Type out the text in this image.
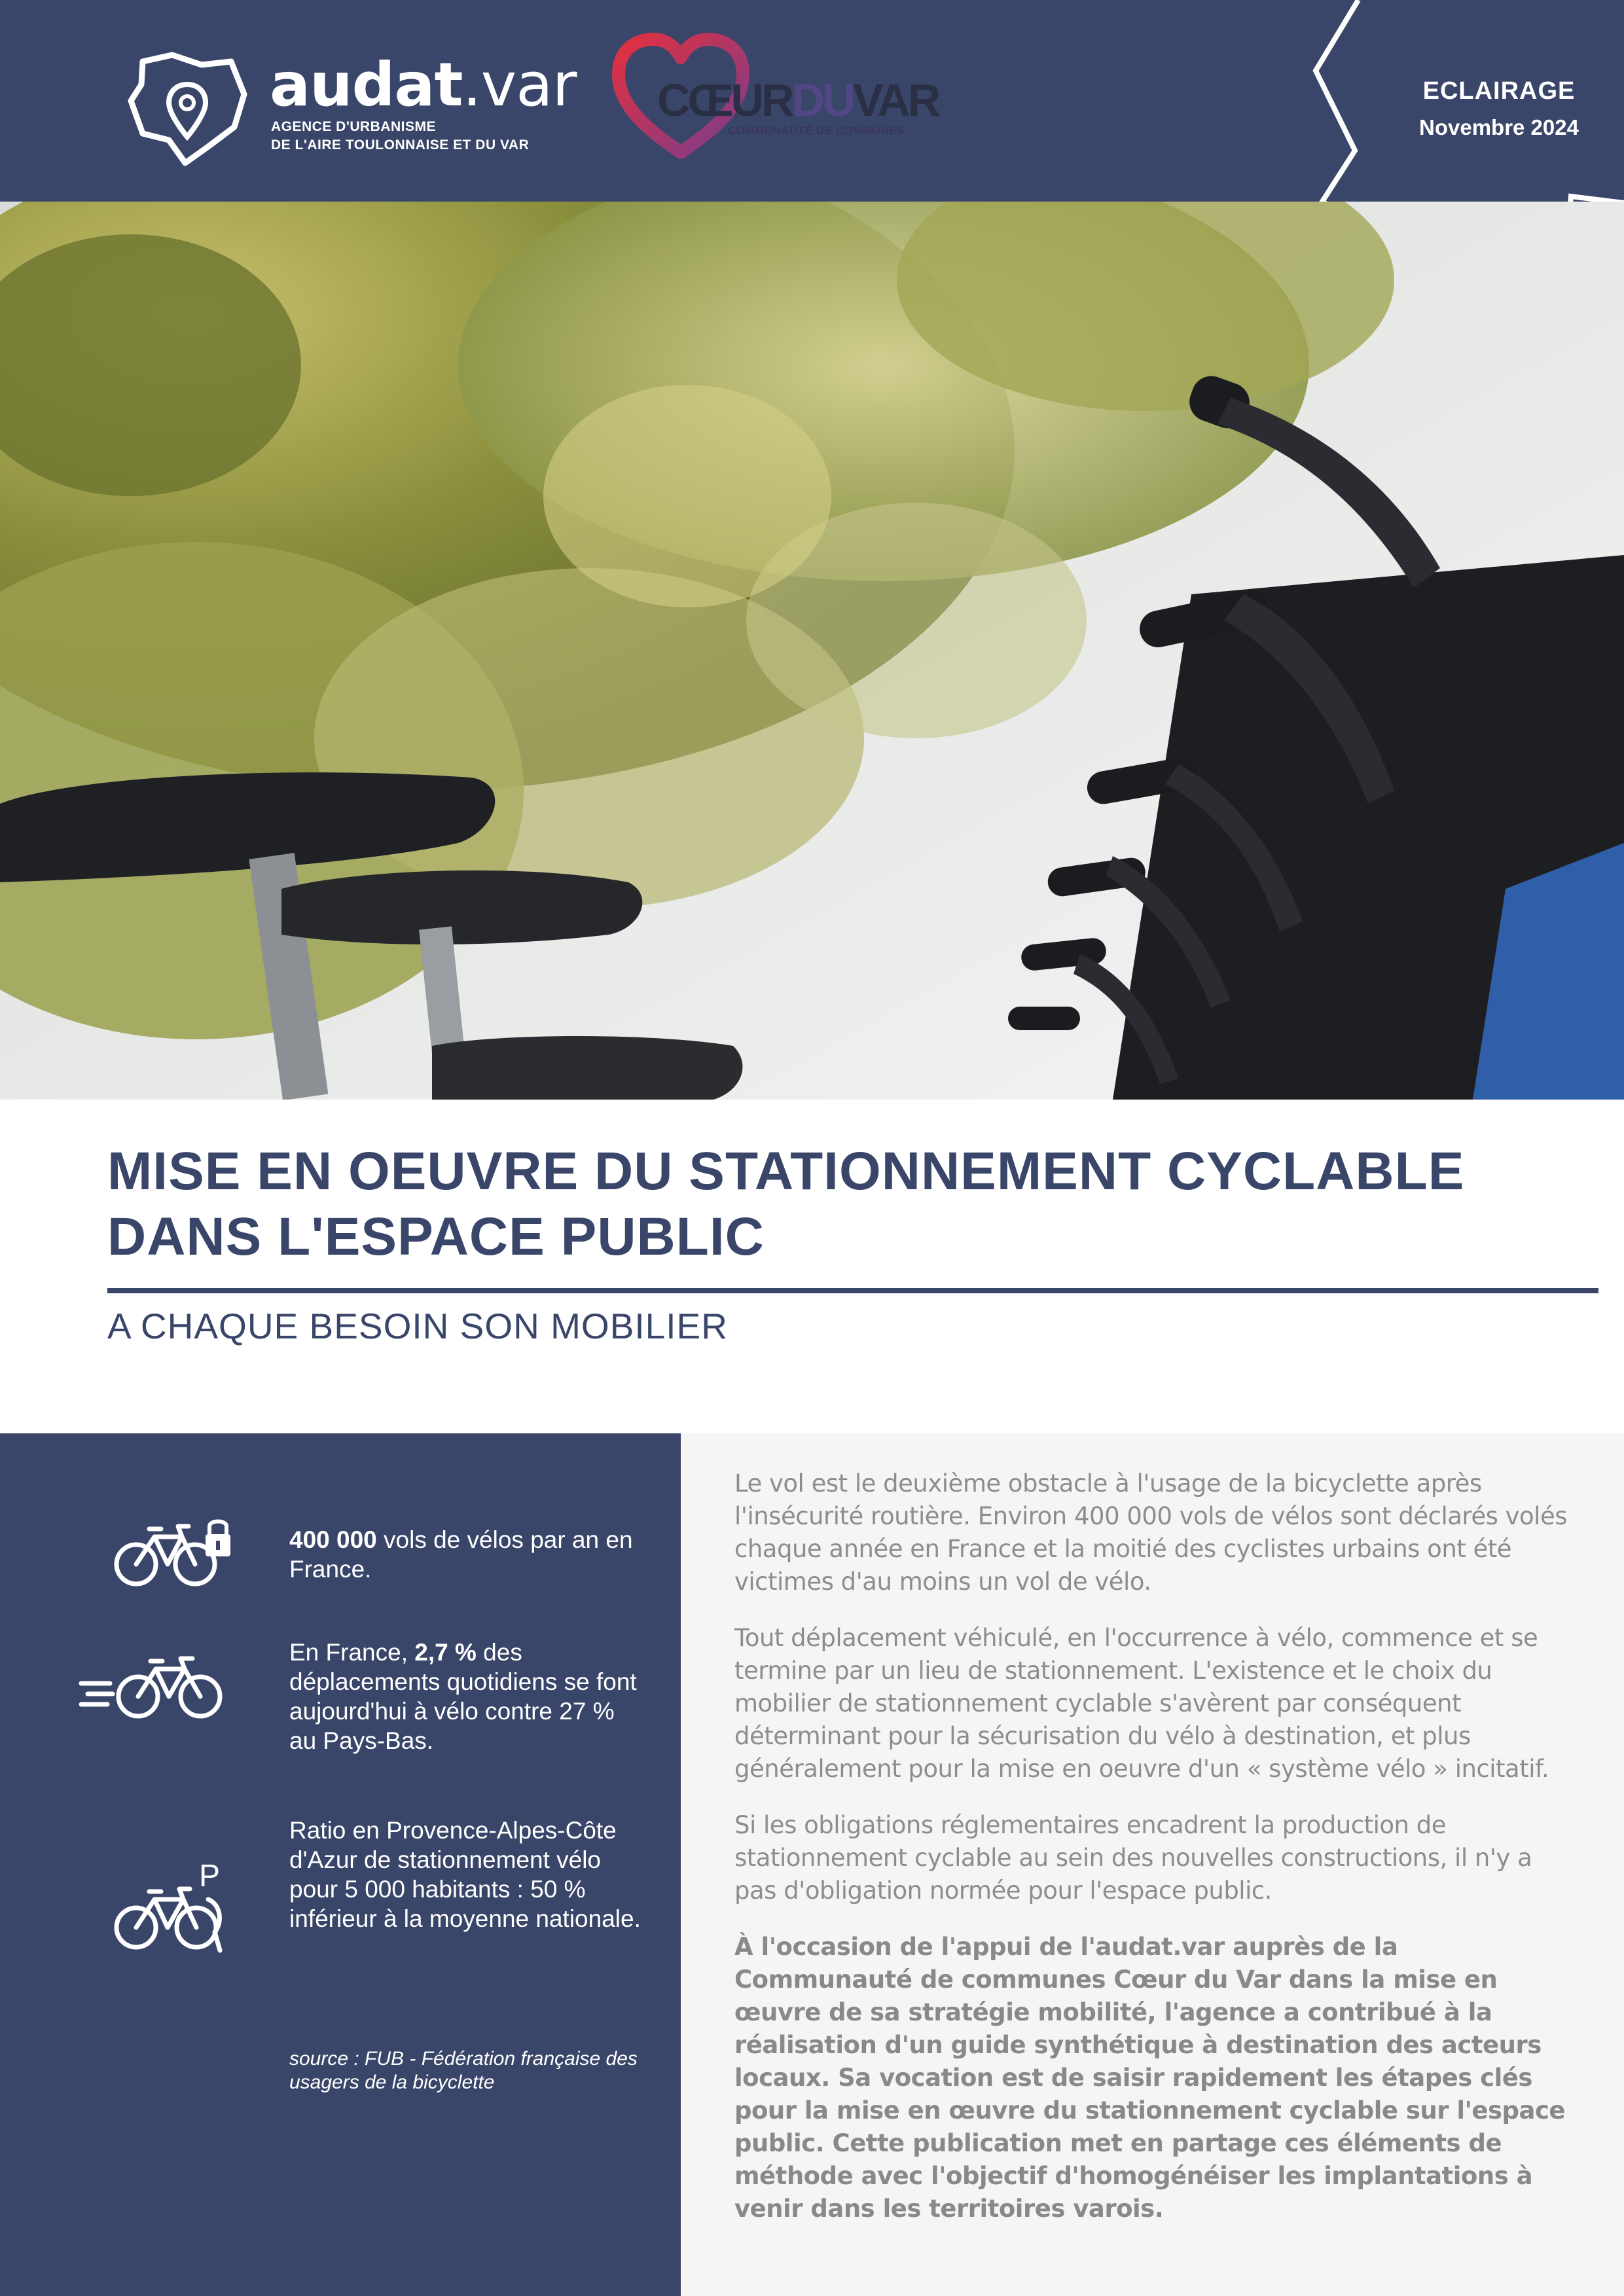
audat.var
AGENCE D'URBANISME
DE L'AIRE TOULONNAISE ET DU VAR
CŒURDUVAR
COMMUNAUTÉ DE COMMUNES
ECLAIRAGE
Novembre 2024
MISE EN OEUVRE DU STATIONNEMENT CYCLABLE
DANS L'ESPACE PUBLIC
A CHAQUE BESOIN SON MOBILIER
400 000 vols de vélos par an en France.
En France, 2,7 % des déplacements quotidiens se font aujourd'hui à vélo contre 27 % au Pays-Bas.
P
Ratio en Provence-Alpes-Côte d'Azur de stationnement vélo pour 5 000 habitants : 50 % inférieur à la moyenne nationale.
source : FUB - Fédération française des usagers de la bicyclette

Le vol est le deuxième obstacle à l'usage de la bicyclette après l'insécurité routière. Environ 400 000 vols de vélos sont déclarés volés chaque année en France et la moitié des cyclistes urbains ont été victimes d'au moins un vol de vélo.

Tout déplacement véhiculé, en l'occurrence à vélo, commence et se termine par un lieu de stationnement. L'existence et le choix du mobilier de stationnement cyclable s'avèrent par conséquent déterminant pour la sécurisation du vélo à destination, et plus généralement pour la mise en oeuvre d'un « système vélo » incitatif.

Si les obligations réglementaires encadrent la production de stationnement cyclable au sein des nouvelles constructions, il n'y a pas d'obligation normée pour l'espace public.

À l'occasion de l'appui de l'audat.var auprès de la Communauté de communes Cœur du Var dans la mise en œuvre de sa stratégie mobilité, l'agence a contribué à la réalisation d'un guide synthétique à destination des acteurs locaux. Sa vocation est de saisir rapidement les étapes clés pour la mise en œuvre du stationnement cyclable sur l'espace public. Cette publication met en partage ces éléments de méthode avec l'objectif d'homogénéiser les implantations à venir dans les territoires varois.
